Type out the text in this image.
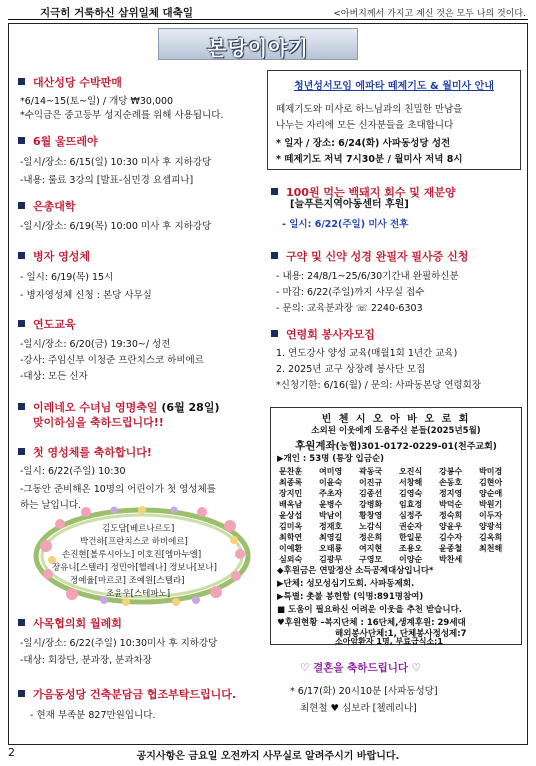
지극히 거룩하신 삼위일체 대축일	<아버지께서 가지고 계신 것은 모두 나의 것이다.
본당이야기
대산성당 수박판매
*6/14~15(토~일) / 개당 ₩30,000
*수익금은 중고등부 성지순례를 위해 사용됩니다.
6월 울뜨레야
-일시/장소: 6/15(일) 10:30 미사 후 지하강당
-내용: 룰료 3강의 [발표-심민경 요셉피나]
은총대학
-일시/장소: 6/19(목) 10:00 미사 후 지하강당
병자 영성체
- 일시: 6/19(목) 15시
- 병자영성체 신청 : 본당 사무실
연도교육
-일시/장소: 6/20(금) 19:30~/ 성전
-강사: 주임신부 이청준 프란치스코 하비에르
-대상: 모든 신자
이레네오 수녀님 영명축일 (6월 28일)
맞이하심을 축하드립니다!!
첫 영성체를 축하합니다!
-일시: 6/22(주일) 10:30
-그동안 준비해온 10명의 어린이가 첫 영성체를
하는 날입니다.
김도담[베르나르도]
박건하[프란치스코 하비에르]
손진현[볼루시아노] 이호진[엠마누엘]
장유니[스텔라] 정민아[헬레나] 정보나[보나]
정예율[마르코] 조예원[스텔라]
조윤우[스테파노]
사목협의회 월례회
-일시/장소: 6/22(주일) 10:30미사 후 지하강당
-대상: 회장단, 분과장, 분과차장
가음동성당 건축분담금 협조부탁드립니다.
- 현재 부족분 827만원입니다.
청년성서모임 에파타 떼제기도 & 월미사 안내
떼제기도와 미사로 하느님과의 친밀한 만남을
나누는 자리에 모든 신자분들을 초대합니다
* 일자 / 장소: 6/24(화) 사파동성당 성전
* 떼제기도 저녁 7시30분 / 월미사 저녁 8시
100원 먹는 백돼지 회수 및 재분양
[늘푸른지역아동센터 후원]
- 일시: 6/22(주일) 미사 전후
구약 및 신약 성경 완필자 필사증 신청
- 내용: 24/8/1~25/6/30기간내 완필하신분
- 마감: 6/22(주일)까지 사무실 접수
- 문의: 교육분과장 ☏ 2240-6303
연령회 봉사자모집
1. 연도강사 양성 교육(매월1회 1년간 교육)
2. 2025년 교구 상장례 봉사단 모집
*신청기한: 6/16(월) / 문의: 사파동본당 연령회장
빈 첸 시 오 아 바 오 로 회
소외된 이웃에게 도움주신 분들(2025년5월)
후원계좌(농협)301-0172-0229-01(천주교회)
▶개인 : 53명 (통장 입금순)
문찬훈 여미영 곽동국 오진식 강봉수 박미경
최종록 이윤숙 이진규 서창해 손동호 김현아
장지민 주초자 김종선 김영숙 정지영 양순애
배옥남 윤병수 강병화 임효정 박덕순 박원기
윤상섭 박남이 황창영 심정주 정숙희 이두자
김미옥 정재호 노감식 권순자 양윤우 양광석
최학연 최영길 정은희 한일문 김수자 김옥희
이예환 오태룡 여지현 조용오 윤종철 최천해
심외숙 김광무 구영모 이양순 박찬세
◆후원금은 연말정산 소득공제대상입니다*
▶단체: 성모성심기도회. 사파동제회.
▶특별: 촛불 봉헌함 (익명:891명참여)
■ 도움이 필요하신 어려운 이웃을 추천 받습니다.
♥후원현황 –복지단체 : 16단체,생계후원: 29세대
해외봉사단체:1, 단체봉사정성제:7
소아암환자 1명, 부료급식소:1
♡ 결혼을 축하드립니다 ♡
* 6/17(화) 20시10분 [사파동성당]
최현철 ♥ 심보라 [첼레리나]
2	공지사항은 금요일 오전까지 사무실로 알려주시기 바랍니다.
